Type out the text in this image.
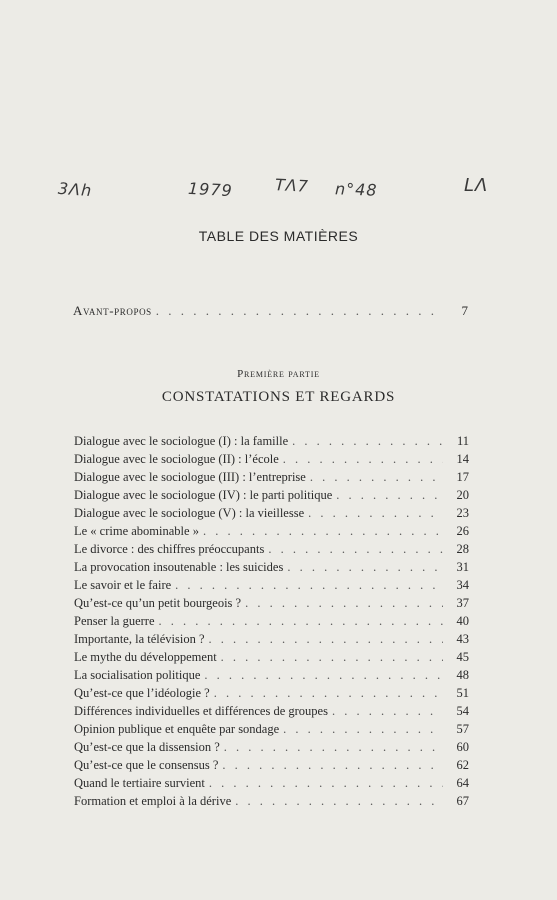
3Λh	1979	TΛ7 n°48	LΛ
TABLE DES MATIÈRES
Avant-propos . . .	7
Première partie
CONSTATATIONS ET REGARDS
Dialogue avec le sociologue (I) : la famille . . .	11
Dialogue avec le sociologue (II) : l’école . . .	14
Dialogue avec le sociologue (III) : l’entreprise . . .	17
Dialogue avec le sociologue (IV) : le parti politique . . .	20
Dialogue avec le sociologue (V) : la vieillesse . . .	23
Le « crime abominable » . . .	26
Le divorce : des chiffres préoccupants . . .	28
La provocation insoutenable : les suicides . . .	31
Le savoir et le faire . . .	34
Qu’est-ce qu’un petit bourgeois ? . . .	37
Penser la guerre . . .	40
Importante, la télévision ? . . .	43
Le mythe du développement . . .	45
La socialisation politique . . .	48
Qu’est-ce que l’idéologie ? . . .	51
Différences individuelles et différences de groupes . . .	54
Opinion publique et enquête par sondage . . .	57
Qu’est-ce que la dissension ? . . .	60
Qu’est-ce que le consensus ? . . .	62
Quand le tertiaire survient . . .	64
Formation et emploi à la dérive . . .	67
